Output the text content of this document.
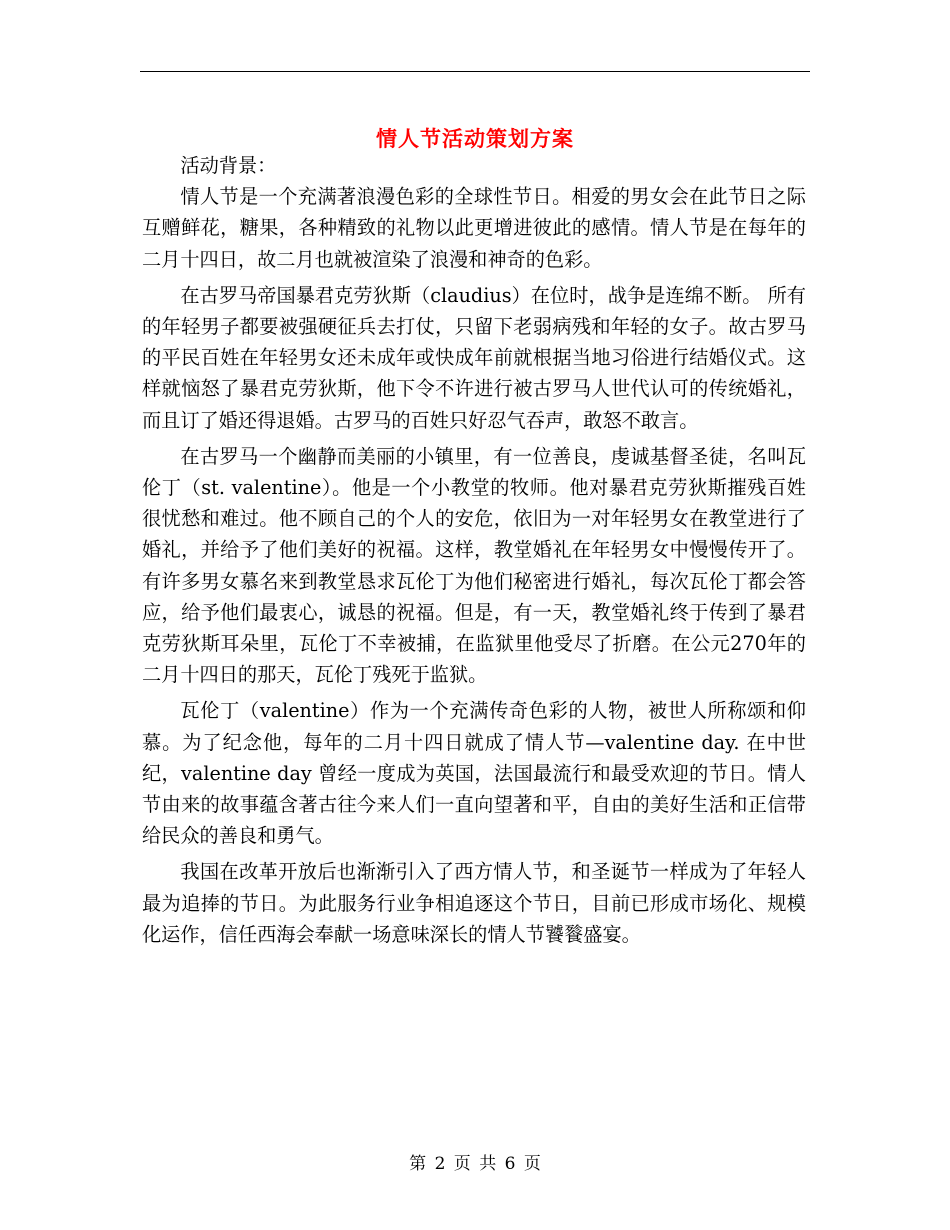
情人节活动策划方案

活动背景：

情人节是一个充满著浪漫色彩的全球性节日。相爱的男女会在此节日之际互赠鲜花，糖果，各种精致的礼物以此更增进彼此的感情。情人节是在每年的二月十四日，故二月也就被渲染了浪漫和神奇的色彩。

在古罗马帝国暴君克劳狄斯（claudius）在位时，战争是连绵不断。 所有的年轻男子都要被强硬征兵去打仗，只留下老弱病残和年轻的女子。故古罗马的平民百姓在年轻男女还未成年或快成年前就根据当地习俗进行结婚仪式。这样就恼怒了暴君克劳狄斯，他下令不许进行被古罗马人世代认可的传统婚礼，而且订了婚还得退婚。古罗马的百姓只好忍气吞声，敢怒不敢言。

在古罗马一个幽静而美丽的小镇里，有一位善良，虔诚基督圣徒，名叫瓦伦丁（st. valentine）。他是一个小教堂的牧师。他对暴君克劳狄斯摧残百姓很忧愁和难过。他不顾自己的个人的安危，依旧为一对年轻男女在教堂进行了婚礼，并给予了他们美好的祝福。这样，教堂婚礼在年轻男女中慢慢传开了。有许多男女慕名来到教堂恳求瓦伦丁为他们秘密进行婚礼，每次瓦伦丁都会答应，给予他们最衷心，诚恳的祝福。但是，有一天，教堂婚礼终于传到了暴君克劳狄斯耳朵里，瓦伦丁不幸被捕，在监狱里他受尽了折磨。在公元270年的二月十四日的那天，瓦伦丁残死于监狱。

瓦伦丁（valentine）作为一个充满传奇色彩的人物，被世人所称颂和仰慕。为了纪念他，每年的二月十四日就成了情人节—valentine day. 在中世纪，valentine day 曾经一度成为英国，法国最流行和最受欢迎的节日。情人节由来的故事蕴含著古往今来人们一直向望著和平，自由的美好生活和正信带给民众的善良和勇气。

我国在改革开放后也渐渐引入了西方情人节，和圣诞节一样成为了年轻人最为追捧的节日。为此服务行业争相追逐这个节日，目前已形成市场化、规模化运作，信任西海会奉献一场意味深长的情人节饕餮盛宴。

第 2 页 共 6 页
